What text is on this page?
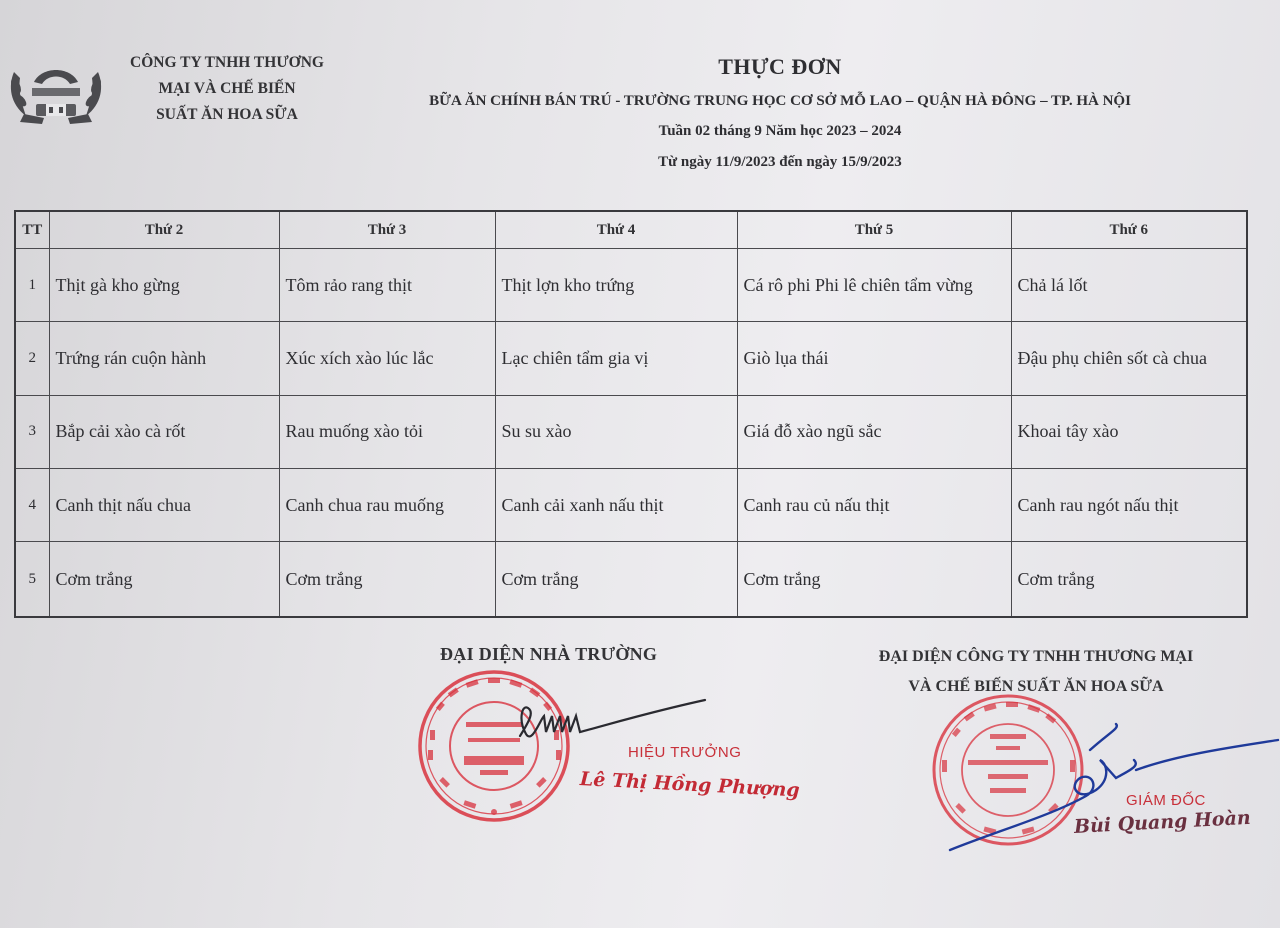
CÔNG TY TNHH THƯƠNG
MẠI VÀ CHẾ BIẾN
SUẤT ĂN HOA SỮA
THỰC ĐƠN
BỮA ĂN CHÍNH BÁN TRÚ - TRƯỜNG TRUNG HỌC CƠ SỞ MỖ LAO – QUẬN HÀ ĐÔNG – TP. HÀ NỘI
Tuần 02 tháng 9 Năm học 2023 – 2024
Từ ngày 11/9/2023 đến ngày 15/9/2023
TT	Thứ 2	Thứ 3	Thứ 4	Thứ 5	Thứ 6
1	Thịt gà kho gừng	Tôm rảo rang thịt	Thịt lợn kho trứng	Cá rô phi Phi lê chiên tẩm vừng	Chả lá lốt
2	Trứng rán cuộn hành	Xúc xích xào lúc lắc	Lạc chiên tẩm gia vị	Giò lụa thái	Đậu phụ chiên sốt cà chua
3	Bắp cải xào cà rốt	Rau muống xào tỏi	Su su xào	Giá đỗ xào ngũ sắc	Khoai tây xào
4	Canh thịt nấu chua	Canh chua rau muống	Canh cải xanh nấu thịt	Canh rau củ nấu thịt	Canh rau ngót nấu thịt
5	Cơm trắng	Cơm trắng	Cơm trắng	Cơm trắng	Cơm trắng
ĐẠI DIỆN NHÀ TRƯỜNG
HIỆU TRƯỞNG
Lê Thị Hồng Phượng
ĐẠI DIỆN CÔNG TY TNHH THƯƠNG MẠI
VÀ CHẾ BIẾN SUẤT ĂN HOA SỮA
GIÁM ĐỐC
Bùi Quang Hoàn
